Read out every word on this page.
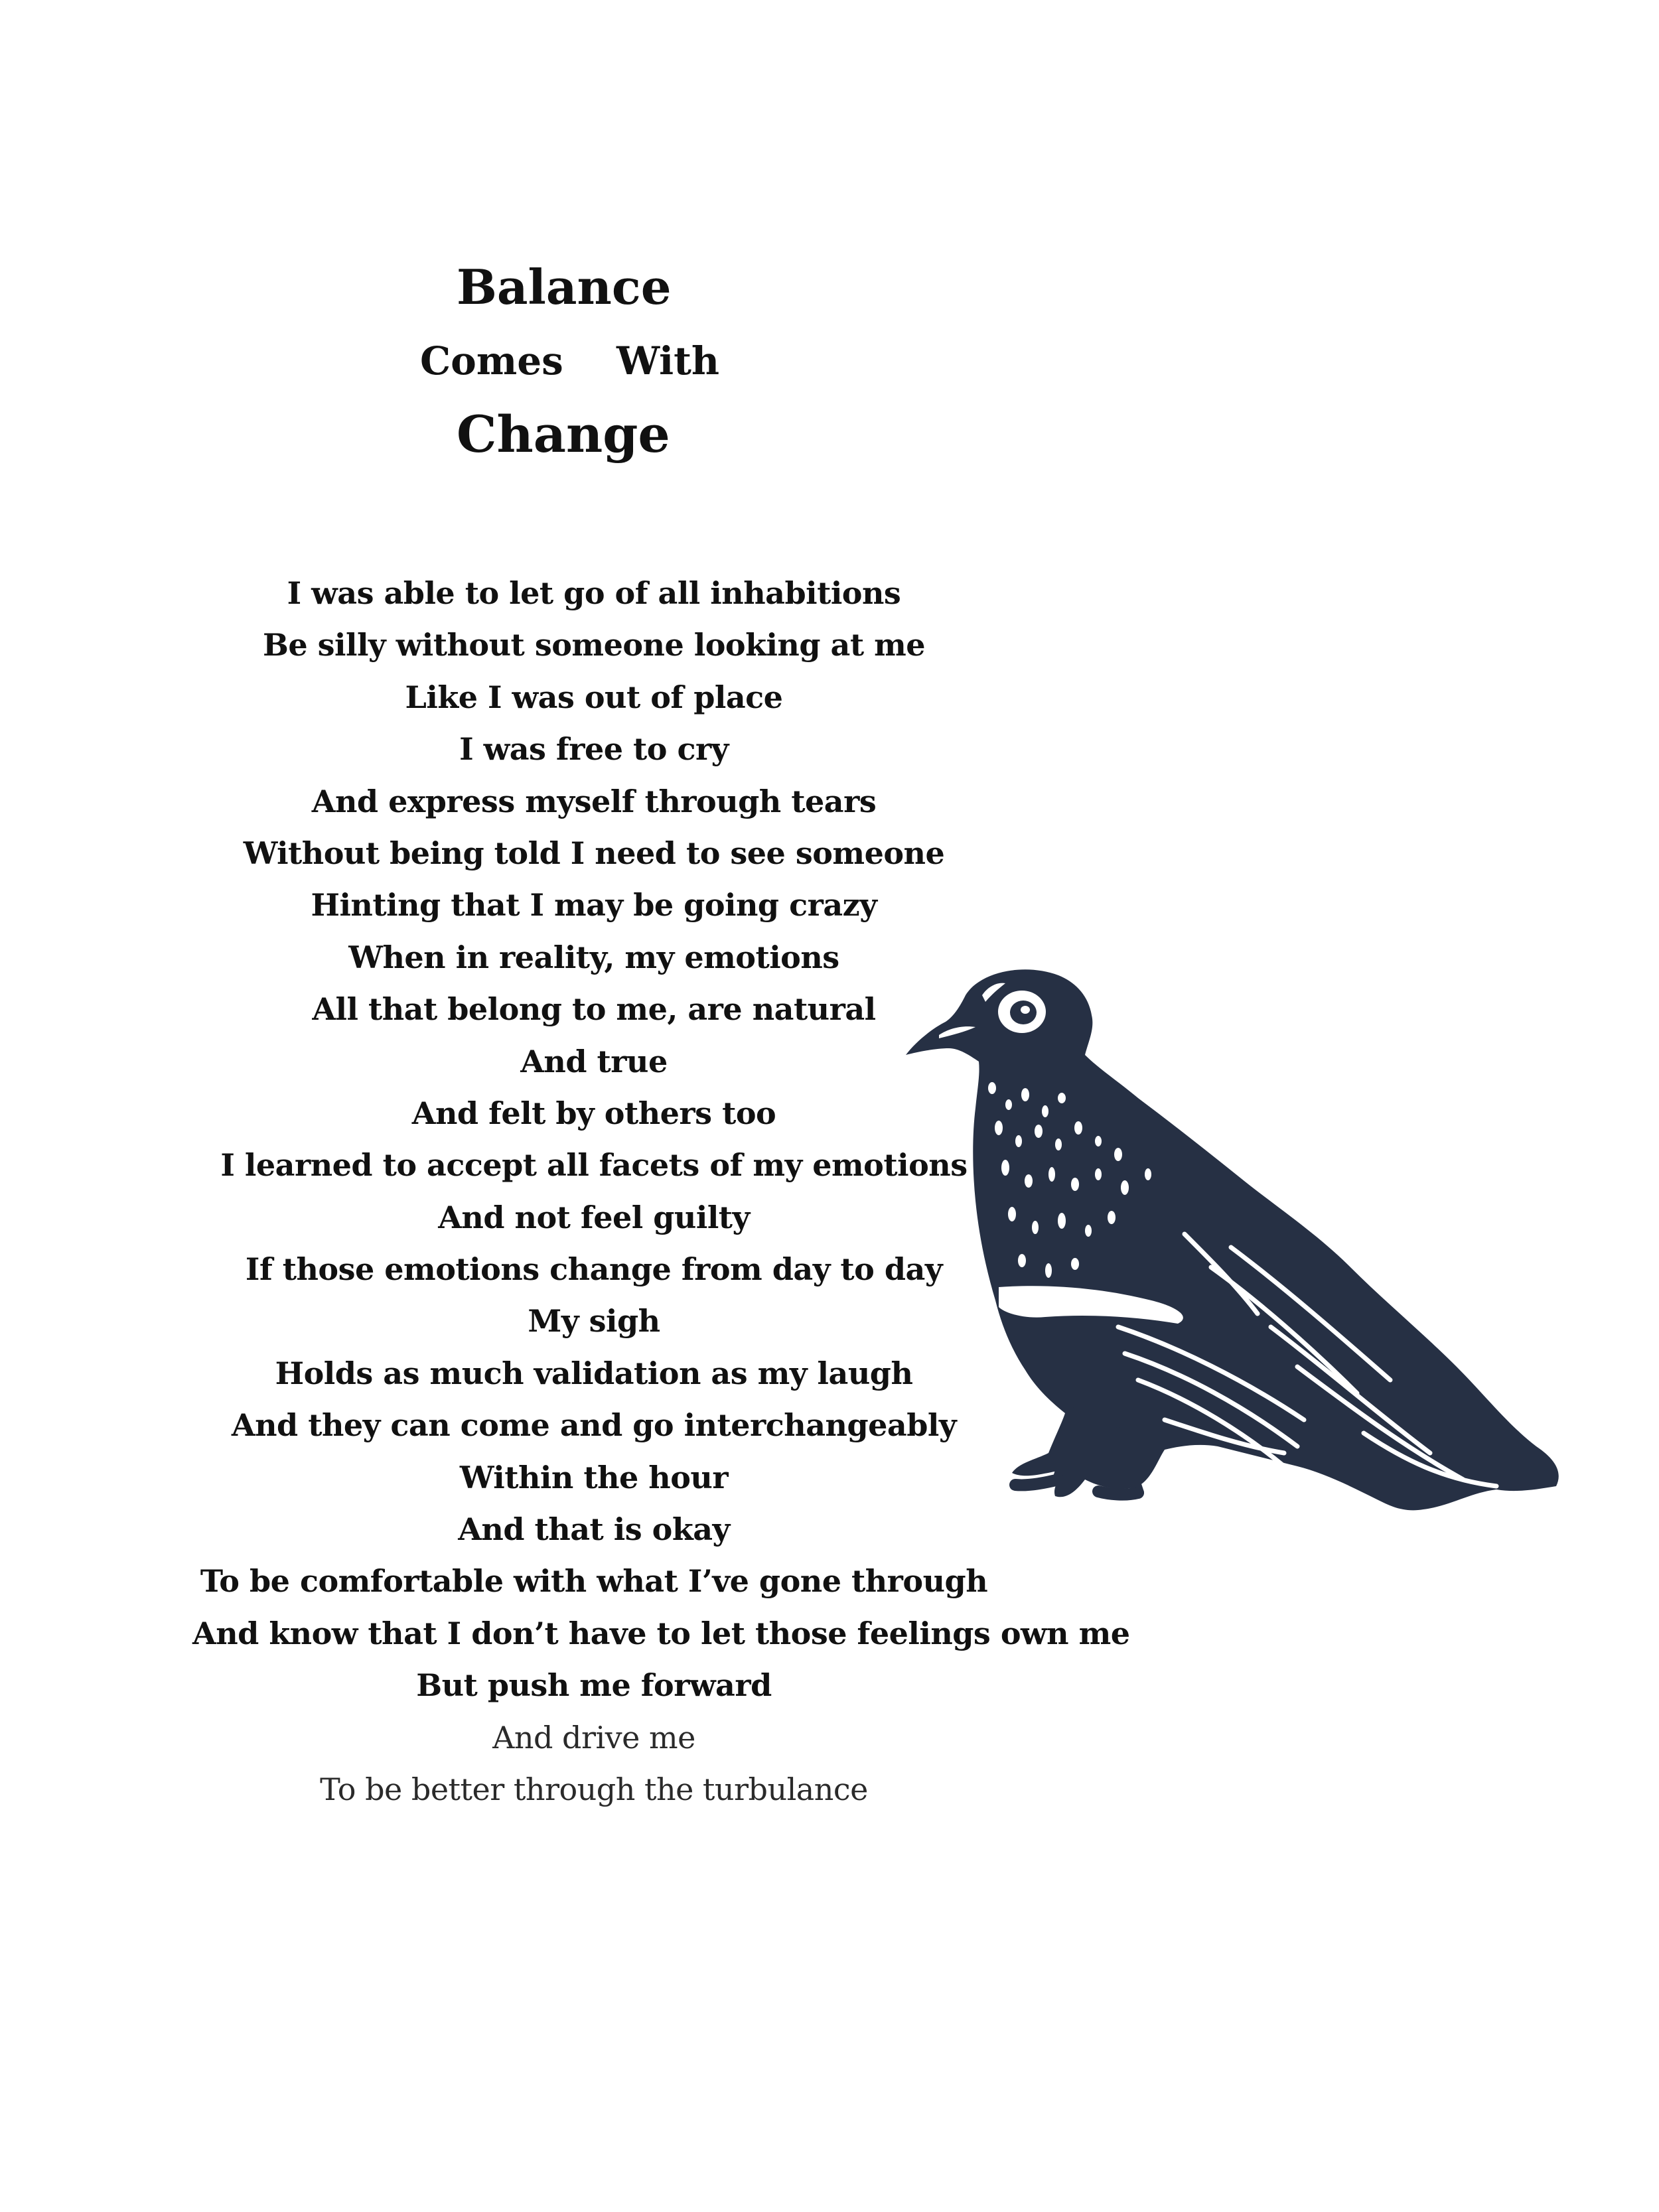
Balance
Comes With
Change
I was able to let go of all inhabitions
Be silly without someone looking at me
Like I was out of place
I was free to cry
And express myself through tears
Without being told I need to see someone
Hinting that I may be going crazy
When in reality, my emotions
All that belong to me, are natural
And true
And felt by others too
I learned to accept all facets of my emotions
And not feel guilty
If those emotions change from day to day
My sigh
Holds as much validation as my laugh
And they can come and go interchangeably
Within the hour
And that is okay
To be comfortable with what I’ve gone through
And know that I don’t have to let those feelings own me
But push me forward
And drive me
To be better through the turbulance
